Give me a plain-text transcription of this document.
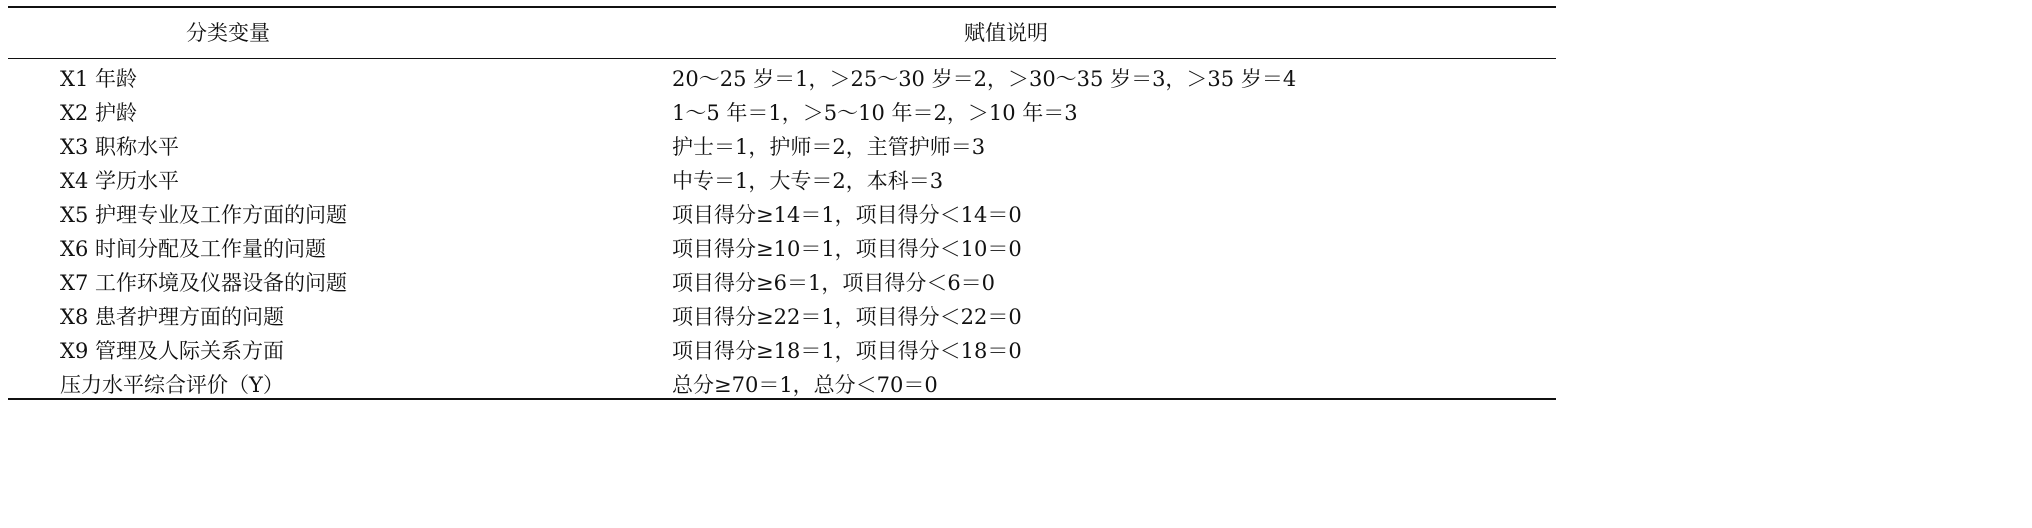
分类变量	赋值说明
X1 年龄	20～25 岁＝1，＞25～30 岁＝2，＞30～35 岁＝3，＞35 岁＝4
X2 护龄	1～5 年＝1，＞5～10 年＝2，＞10 年＝3
X3 职称水平	护士＝1，护师＝2，主管护师＝3
X4 学历水平	中专＝1，大专＝2，本科＝3
X5 护理专业及工作方面的问题	项目得分≥14＝1，项目得分＜14＝0
X6 时间分配及工作量的问题	项目得分≥10＝1，项目得分＜10＝0
X7 工作环境及仪器设备的问题	项目得分≥6＝1，项目得分＜6＝0
X8 患者护理方面的问题	项目得分≥22＝1，项目得分＜22＝0
X9 管理及人际关系方面	项目得分≥18＝1，项目得分＜18＝0
压力水平综合评价（Y）	总分≥70＝1，总分＜70＝0
